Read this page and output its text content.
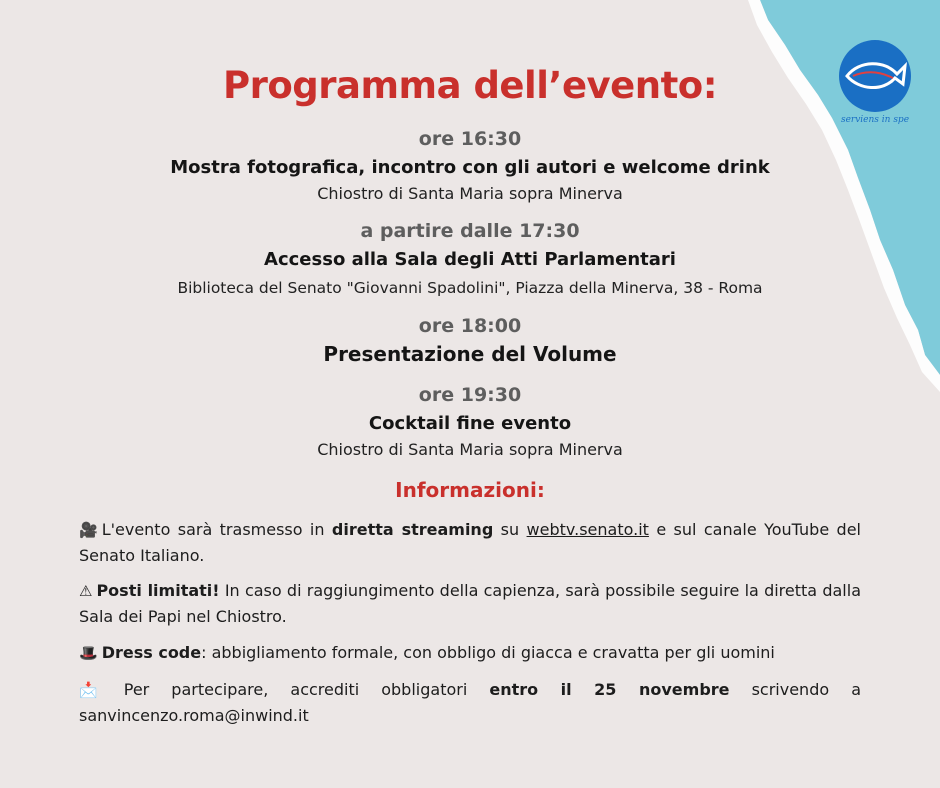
serviens in spe
Programma dell’evento:
ore 16:30
Mostra fotografica, incontro con gli autori e welcome drink
Chiostro di Santa Maria sopra Minerva
a partire dalle 17:30
Accesso alla Sala degli Atti Parlamentari
Biblioteca del Senato "Giovanni Spadolini", Piazza della Minerva, 38 - Roma
ore 18:00
Presentazione del Volume
ore 19:30
Cocktail fine evento
Chiostro di Santa Maria sopra Minerva
Informazioni:
🎥 L'evento sarà trasmesso in diretta streaming su webtv.senato.it e sul canale YouTube del Senato Italiano.
⚠ Posti limitati! In caso di raggiungimento della capienza, sarà possibile seguire la diretta dalla Sala dei Papi nel Chiostro.
🎩 Dress code: abbigliamento formale, con obbligo di giacca e cravatta per gli uomini
📩 Per partecipare, accrediti obbligatori entro il 25 novembre scrivendo a sanvincenzo.roma@inwind.it
